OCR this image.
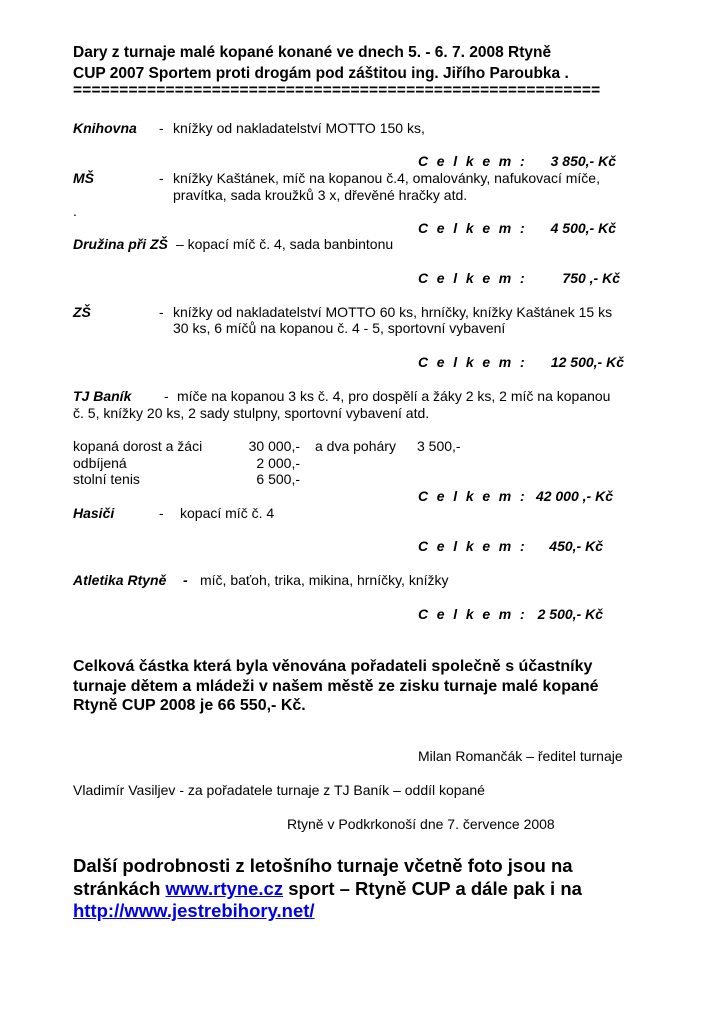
Dary z turnaje malé kopané konané ve dnech 5. - 6. 7. 2008 Rtyně
CUP 2007 Sportem proti drogám pod záštitou ing. Jiřího Paroubka .
=========================================================
Knihovna - knížky od nakladatelství MOTTO 150 ks,
C e l k e m :	3 850,- Kč
MŠ	- knížky Kaštánek, míč na kopanou č.4, omalovánky, nafukovací míče,
pravítka, sada kroužků 3 x, dřevěné hračky atd.
.
C e l k e m :	4 500,- Kč
Družina při ZŠ – kopací míč č. 4, sada banbintonu
C e l k e m :	750 ,- Kč
ZŠ	- knížky od nakladatelství MOTTO 60 ks, hrníčky, knížky Kaštánek 15 ks
30 ks, 6 míčů na kopanou č. 4 - 5, sportovní vybavení
C e l k e m :	12 500,- Kč
TJ Baník - míče na kopanou 3 ks č. 4, pro dospělí a žáky 2 ks, 2 míč na kopanou
č. 5, knížky 20 ks, 2 sady stulpny, sportovní vybavení atd.
kopaná dorost a žáci	30 000,- a dva poháry 3 500,-
odbíjená	2 000,-
stolní tenis	6 500,-
C e l k e m : 42 000 ,- Kč
Hasiči	- kopací míč č. 4
C e l k e m :	450,- Kč
Atletika Rtyně - míč, baťoh, trika, mikina, hrníčky, knížky
C e l k e m : 2 500,- Kč
Celková částka která byla věnována pořadateli společně s účastníky
turnaje dětem a mládeži v našem městě ze zisku turnaje malé kopané
Rtyně CUP 2008 je 66 550,- Kč.
Milan Romančák – ředitel turnaje
Vladimír Vasiljev - za pořadatele turnaje z TJ Baník – oddíl kopané
Rtyně v Podkrkonoší dne 7. července 2008
Další podrobnosti z letošního turnaje včetně foto jsou na
stránkách www.rtyne.cz sport – Rtyně CUP a dále pak i na
http://www.jestrebihory.net/
